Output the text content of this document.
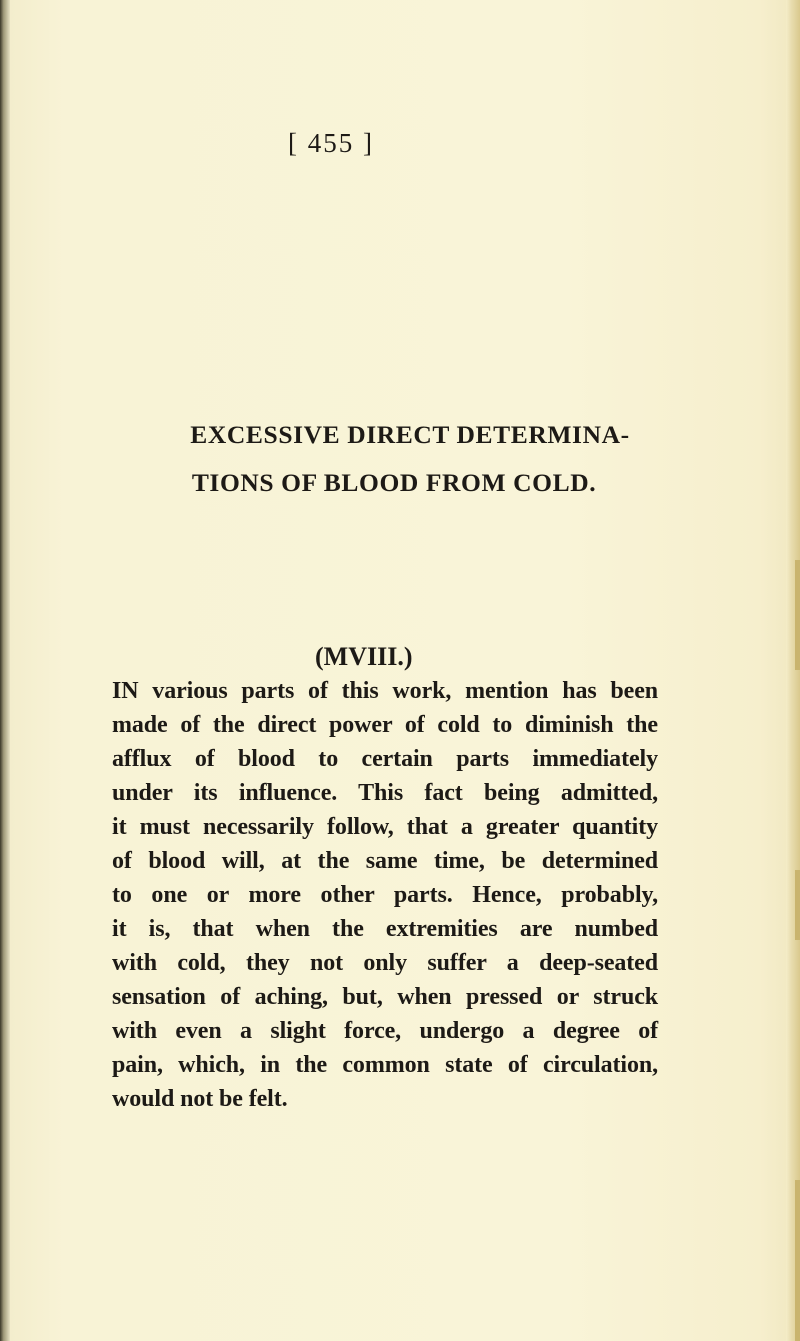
[ 455 ]

EXCESSIVE DIRECT DETERMINA-

TIONS OF BLOOD FROM COLD.

(MVIII.)

IN various parts of this work, mention has been
made of the direct power of cold to diminish the
afflux of blood to certain parts immediately
under its influence. This fact being admitted,
it must necessarily follow, that a greater quantity
of blood will, at the same time, be determined
to one or more other parts. Hence, probably,
it is, that when the extremities are numbed
with cold, they not only suffer a deep-seated
sensation of aching, but, when pressed or struck
with even a slight force, undergo a degree of
pain, which, in the common state of circulation,
would not be felt.
